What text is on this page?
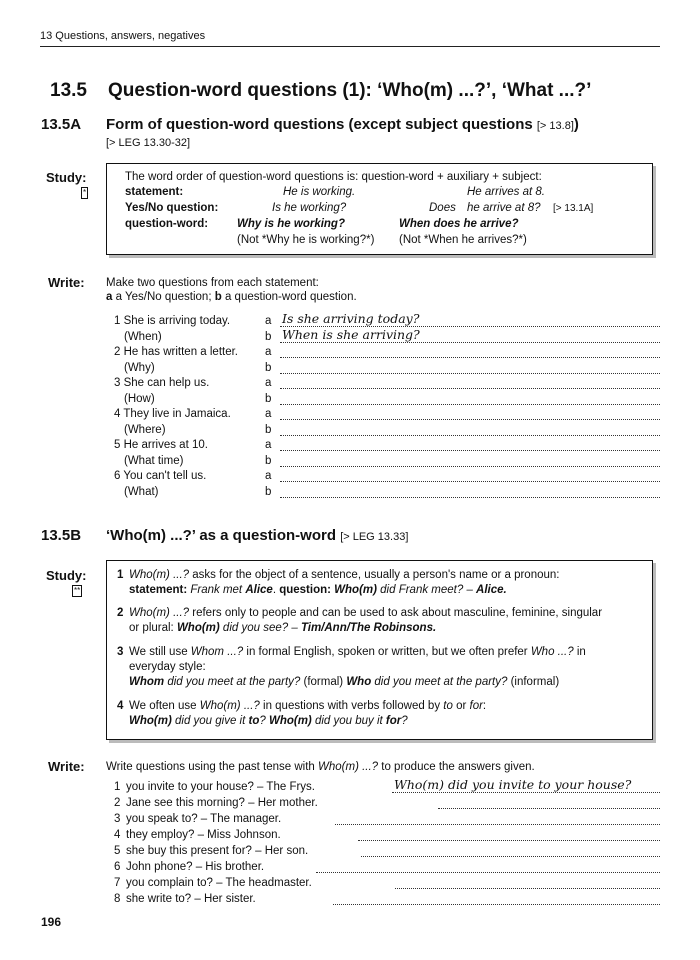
13 Questions, answers, negatives
13.5 Question-word questions (1): ‘Who(m) ...?’, ‘What ...?’
13.5A Form of question-word questions (except subject questions [> 13.8])
[> LEG 13.30-32]
Study:
*
The word order of question-word questions is: question-word + auxiliary + subject:
statement:	He is working.	He arrives at 8.
Yes/No question:	Is he working?	Does he arrive at 8? [> 13.1A]
question-word:	Why is he working?	When does he arrive?
(Not *Why he is working?*) (Not *When he arrives?*)
Write: Make two questions from each statement:
a a Yes/No question; b a question-word question.
1 She is arriving today.	a Is she arriving today?
(When)	b When is she arriving?
2 He has written a letter. a
(Why)	b
3 She can help us.	a
(How)	b
4 They live in Jamaica.	a
(Where)	b
5 He arrives at 10.	a
(What time)	b
6 You can't tell us.	a
(What)	b
13.5B ‘Who(m) ...?’ as a question-word [> LEG 13.33]
Study:
**
1 Who(m) ...? asks for the object of a sentence, usually a person's name or a pronoun:
statement: Frank met Alice. question: Who(m) did Frank meet? – Alice.
2 Who(m) ...? refers only to people and can be used to ask about masculine, feminine, singular
or plural: Who(m) did you see? – Tim/Ann/The Robinsons.
3 We still use Whom ...? in formal English, spoken or written, but we often prefer Who ...? in
everyday style:
Whom did you meet at the party? (formal) Who did you meet at the party? (informal)
4 We often use Who(m) ...? in questions with verbs followed by to or for:
Who(m) did you give it to? Who(m) did you buy it for?
Write: Write questions using the past tense with Who(m) ...? to produce the answers given.
1 you invite to your house? – The Frys.	Who(m) did you invite to your house?
2 Jane see this morning? – Her mother.
3 you speak to? – The manager.
4 they employ? – Miss Johnson.
5 she buy this present for? – Her son.
6 John phone? – His brother.
7 you complain to? – The headmaster.
8 she write to? – Her sister.
196
